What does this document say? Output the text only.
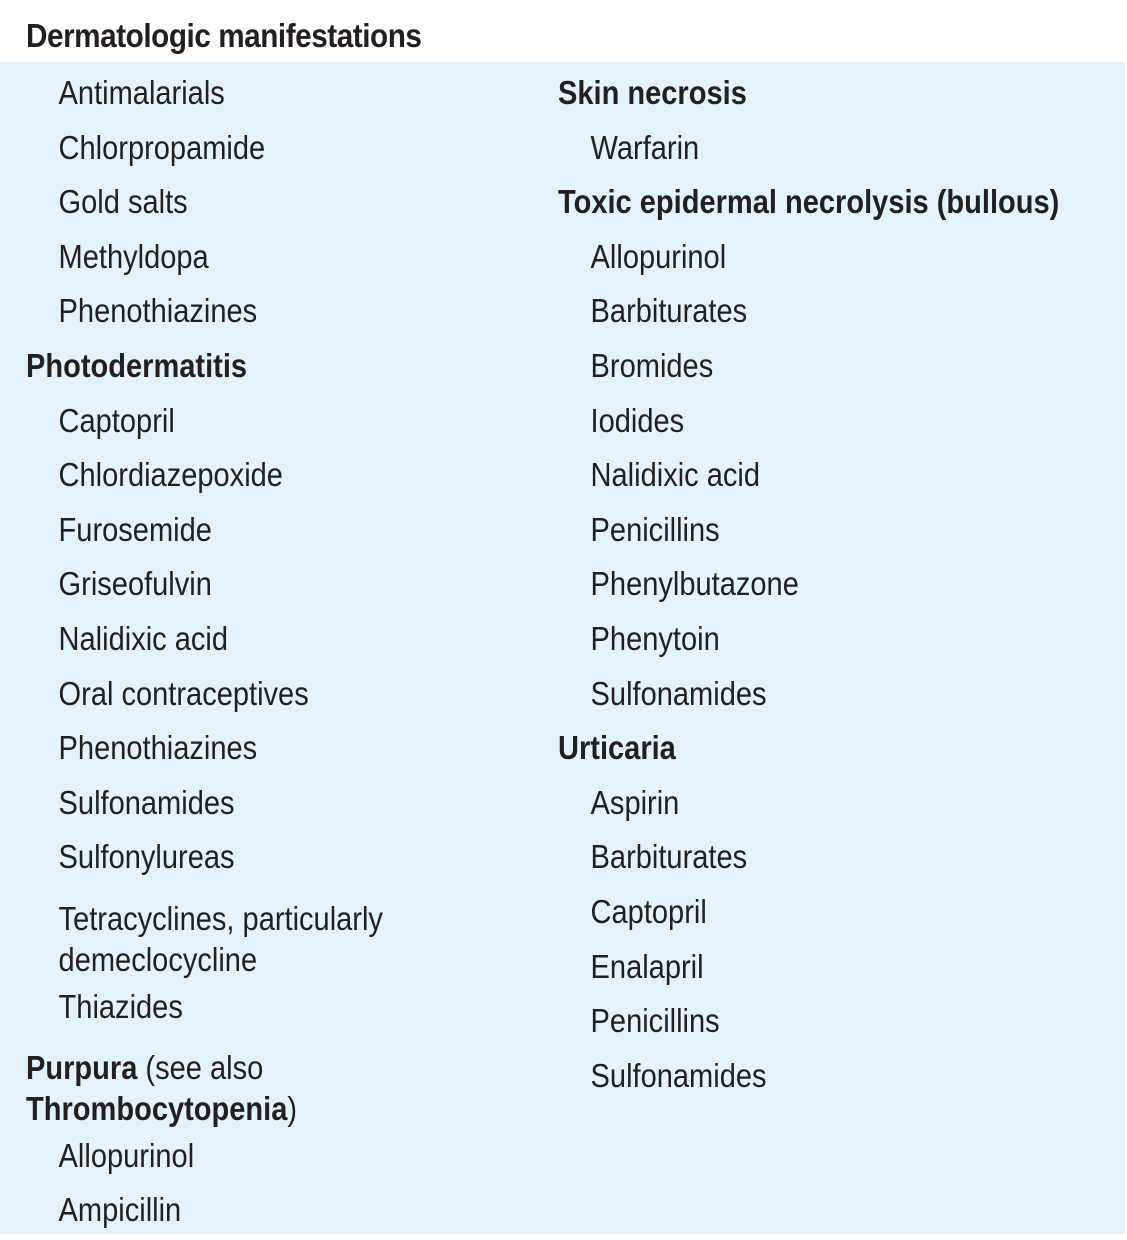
Dermatologic manifestations
Antimalarials
Chlorpropamide
Gold salts
Methyldopa
Phenothiazines
Photodermatitis
Captopril
Chlordiazepoxide
Furosemide
Griseofulvin
Nalidixic acid
Oral contraceptives
Phenothiazines
Sulfonamides
Sulfonylureas
Tetracyclines, particularly
demeclocycline
Thiazides
Purpura (see also
Thrombocytopenia)
Allopurinol
Ampicillin
Skin necrosis
Warfarin
Toxic epidermal necrolysis (bullous)
Allopurinol
Barbiturates
Bromides
Iodides
Nalidixic acid
Penicillins
Phenylbutazone
Phenytoin
Sulfonamides
Urticaria
Aspirin
Barbiturates
Captopril
Enalapril
Penicillins
Sulfonamides
